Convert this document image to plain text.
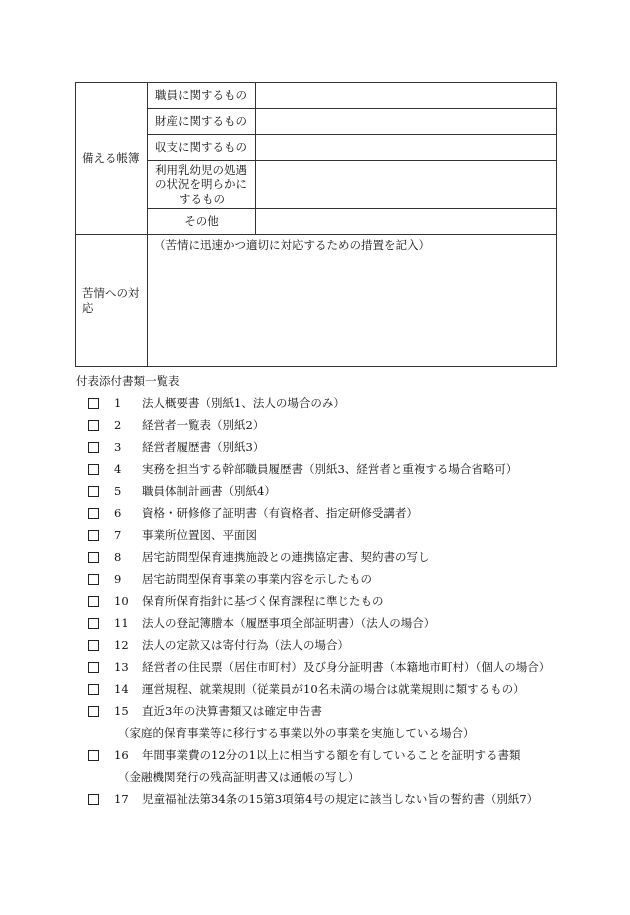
備える帳簿	職員に関するもの	
	財産に関するもの	
	収支に関するもの	

	利用乳幼児の処遇
の状況を明らかに
するもの	

	その他	
苦情への対応	（苦情に迅速かつ適切に対応するための措置を記入）	
付表添付書類一覧表
1 法人概要書（別紙1、法人の場合のみ）
2 経営者一覧表（別紙2）
3 経営者履歴書（別紙3）
4 実務を担当する幹部職員履歴書（別紙3、経営者と重複する場合省略可）
5 職員体制計画書（別紙4）
6 資格・研修修了証明書（有資格者、指定研修受講者）
7 事業所位置図、平面図
8 居宅訪問型保育連携施設との連携協定書、契約書の写し
9 居宅訪問型保育事業の事業内容を示したもの
10 保育所保育指針に基づく保育課程に準じたもの
11 法人の登記簿謄本（履歴事項全部証明書）（法人の場合）
12 法人の定款又は寄付行為（法人の場合）
13 経営者の住民票（居住市町村）及び身分証明書（本籍地市町村）（個人の場合）
14 運営規程、就業規則（従業員が10名未満の場合は就業規則に類するもの）
15 直近3年の決算書類又は確定申告書
（家庭的保育事業等に移行する事業以外の事業を実施している場合）
16 年間事業費の12分の1以上に相当する額を有していることを証明する書類
（金融機関発行の残高証明書又は通帳の写し）
17 児童福祉法第34条の15第3項第4号の規定に該当しない旨の誓約書（別紙7）
